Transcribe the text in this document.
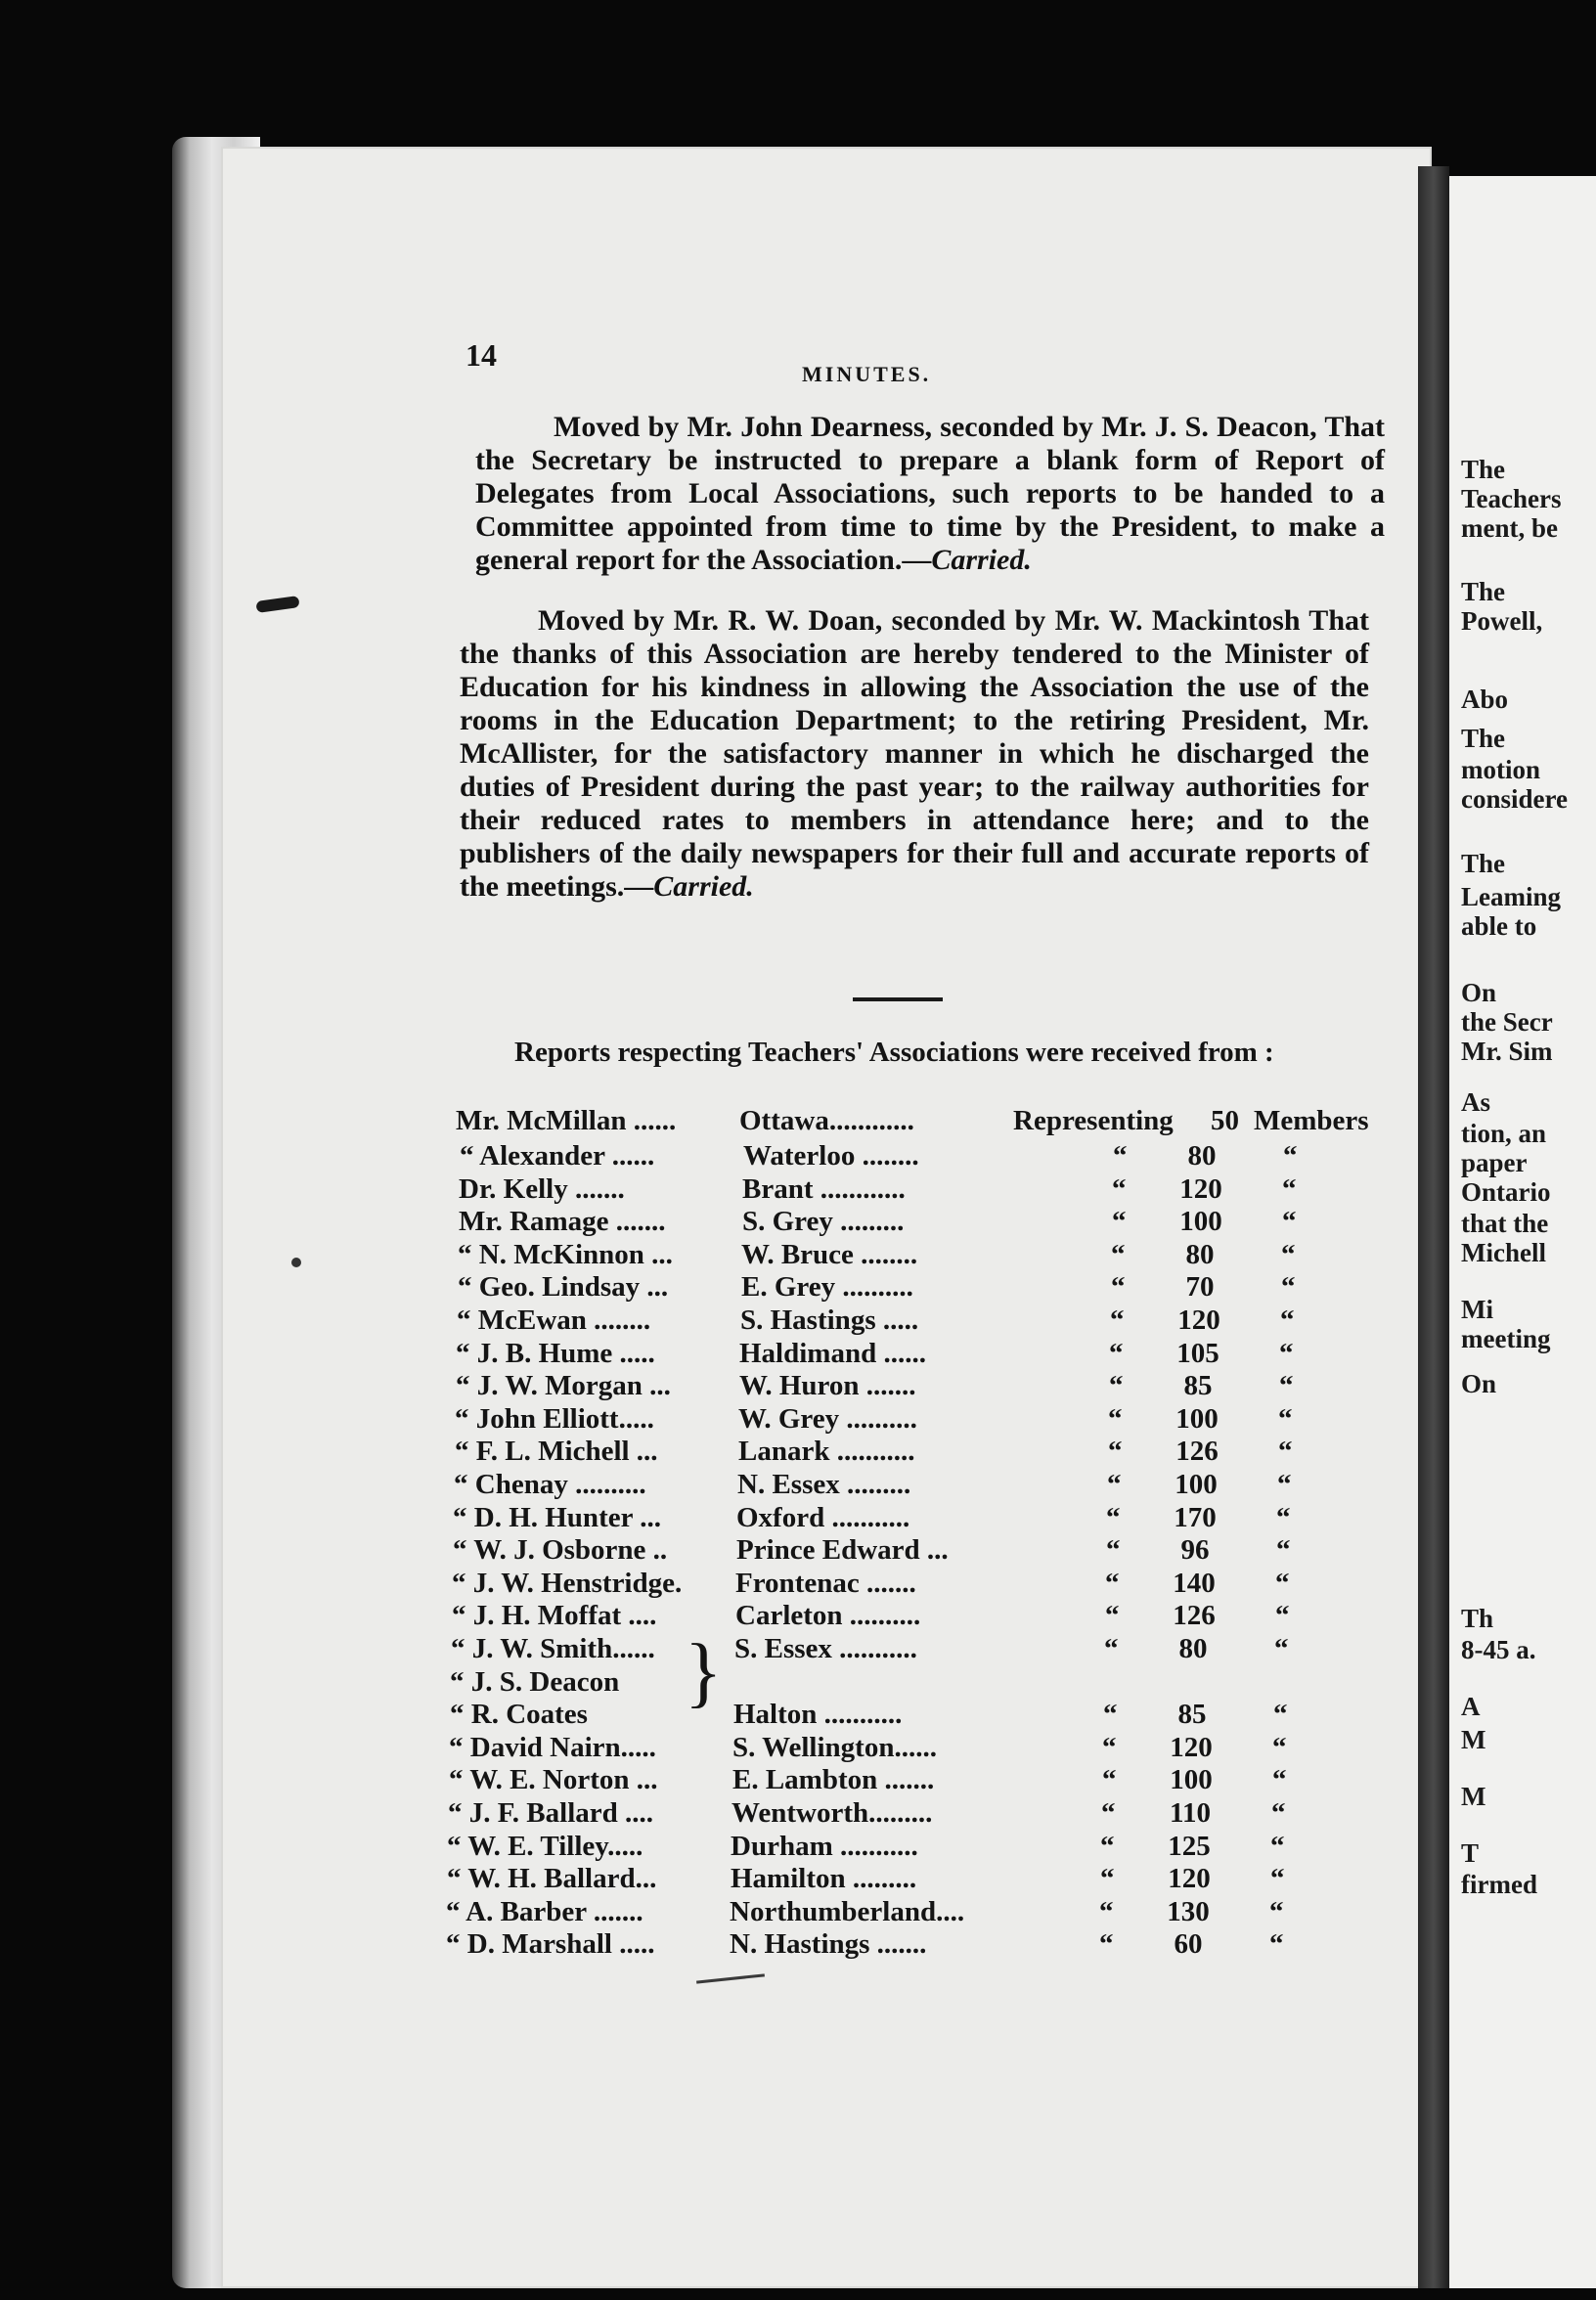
14
MINUTES.
Moved by Mr. John Dearness, seconded by Mr. J. S. Deacon, That the Secretary be instructed to prepare a blank form of Report of Delegates from Local Associations, such reports to be handed to a Committee appointed from time to time by the President, to make a general report for the Association.—Carried.
Moved by Mr. R. W. Doan, seconded by Mr. W. Mackintosh That the thanks of this Association are hereby tendered to the Minister of Education for his kindness in allowing the Association the use of the rooms in the Education Department; to the retiring President, Mr. McAllister, for the satisfactory manner in which he discharged the duties of President during the past year; to the railway authorities for their reduced rates to members in attendance here; and to the publishers of the daily newspapers for their full and accurate reports of the meetings.—Carried.
Reports respecting Teachers' Associations were received from :
Mr. McMillan ...... Ottawa............	Representing 50 Members
“ Alexander ......	Waterloo ........	“	80	“
Dr. Kelly .......	Brant ............	“	120	“
Mr. Ramage .......	S. Grey .........	“	100	“
“ N. McKinnon ... W. Bruce ........	“	80	“
“ Geo. Lindsay ...	E. Grey ..........	“	70	“
“ McEwan ........	S. Hastings .....	“	120	“
“ J. B. Hume .....	Haldimand ......	“	105	“
“ J. W. Morgan ... W. Huron .......	“	85	“
“ John Elliott.....	W. Grey ..........	“	100	“
“ F. L. Michell ...	Lanark ...........	“	126	“
“ Chenay ..........	N. Essex .........	“	100	“
“ D. H. Hunter ...	Oxford ...........	“	170	“
“ W. J. Osborne .. Prince Edward ...	“	96	“
“ J. W. Henstridge. Frontenac .......	“	140	“
“ J. H. Moffat ....	Carleton ..........	“	126	“
“ J. W. Smith......	S. Essex ...........	“	80	“
“ J. S. Deacon
“ R. Coates	Halton ...........	“	85	“
“ David Nairn.....	S. Wellington......	“	120	“
“ W. E. Norton ...	E. Lambton .......	“	100	“
“ J. F. Ballard ....	Wentworth.........	“	110	“
“ W. E. Tilley.....	Durham ...........	“	125	“
“ W. H. Ballard...	Hamilton .........	“	120	“
“ A. Barber .......	Northumberland....	“	130	“
“ D. Marshall .....	N. Hastings .......	“	60	“
}
The
Teachers
ment, be
The
Powell,
Abo
The
motion
considere
The
Leaming
able to
On
the Secr
Mr. Sim
As
tion, an
paper
Ontario
that the
Michell
Mi
meeting
On
Th
8-45 a.
A
M
M
T
firmed
